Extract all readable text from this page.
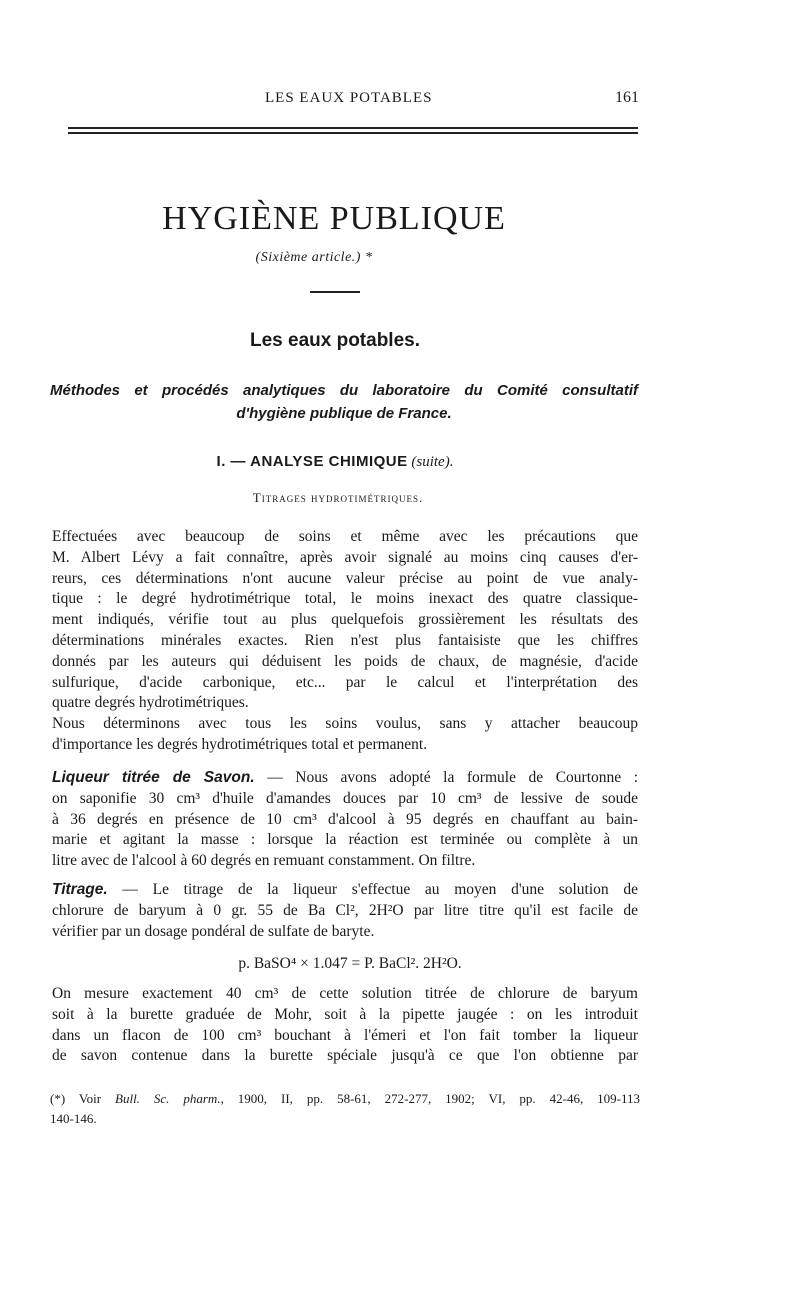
LES EAUX POTABLES	161
HYGIÈNE PUBLIQUE
(Sixième article.) *
Les eaux potables.
Méthodes et procédés analytiques du laboratoire du Comité consultatif
d'hygiène publique de France.
I. — ANALYSE CHIMIQUE (suite).
Titrages hydrotimétriques.
Effectuées avec beaucoup de soins et même avec les précautions que
M. Albert Lévy a fait connaître, après avoir signalé au moins cinq causes d'er-
reurs, ces déterminations n'ont aucune valeur précise au point de vue analy-
tique : le degré hydrotimétrique total, le moins inexact des quatre classique-
ment indiqués, vérifie tout au plus quelquefois grossièrement les résultats des
déterminations minérales exactes. Rien n'est plus fantaisiste que les chiffres
donnés par les auteurs qui déduisent les poids de chaux, de magnésie, d'acide
sulfurique, d'acide carbonique, etc... par le calcul et l'interprétation des
quatre degrés hydrotimétriques.
Nous déterminons avec tous les soins voulus, sans y attacher beaucoup
d'importance les degrés hydrotimétriques total et permanent.
Liqueur titrée de Savon. — Nous avons adopté la formule de Courtonne :
on saponifie 30 cm³ d'huile d'amandes douces par 10 cm³ de lessive de soude
à 36 degrés en présence de 10 cm³ d'alcool à 95 degrés en chauffant au bain-
marie et agitant la masse : lorsque la réaction est terminée ou complète à un
litre avec de l'alcool à 60 degrés en remuant constamment. On filtre.
Titrage. — Le titrage de la liqueur s'effectue au moyen d'une solution de
chlorure de baryum à 0 gr. 55 de Ba Cl², 2H²O par litre titre qu'il est facile de
vérifier par un dosage pondéral de sulfate de baryte.
p. BaSO⁴ × 1.047 = P. BaCl². 2H²O.
On mesure exactement 40 cm³ de cette solution titrée de chlorure de baryum
soit à la burette graduée de Mohr, soit à la pipette jaugée : on les introduit
dans un flacon de 100 cm³ bouchant à l'émeri et l'on fait tomber la liqueur
de savon contenue dans la burette spéciale jusqu'à ce que l'on obtienne par
(*) Voir Bull. Sc. pharm., 1900, II, pp. 58-61, 272-277, 1902; VI, pp. 42-46, 109-113
140-146.
